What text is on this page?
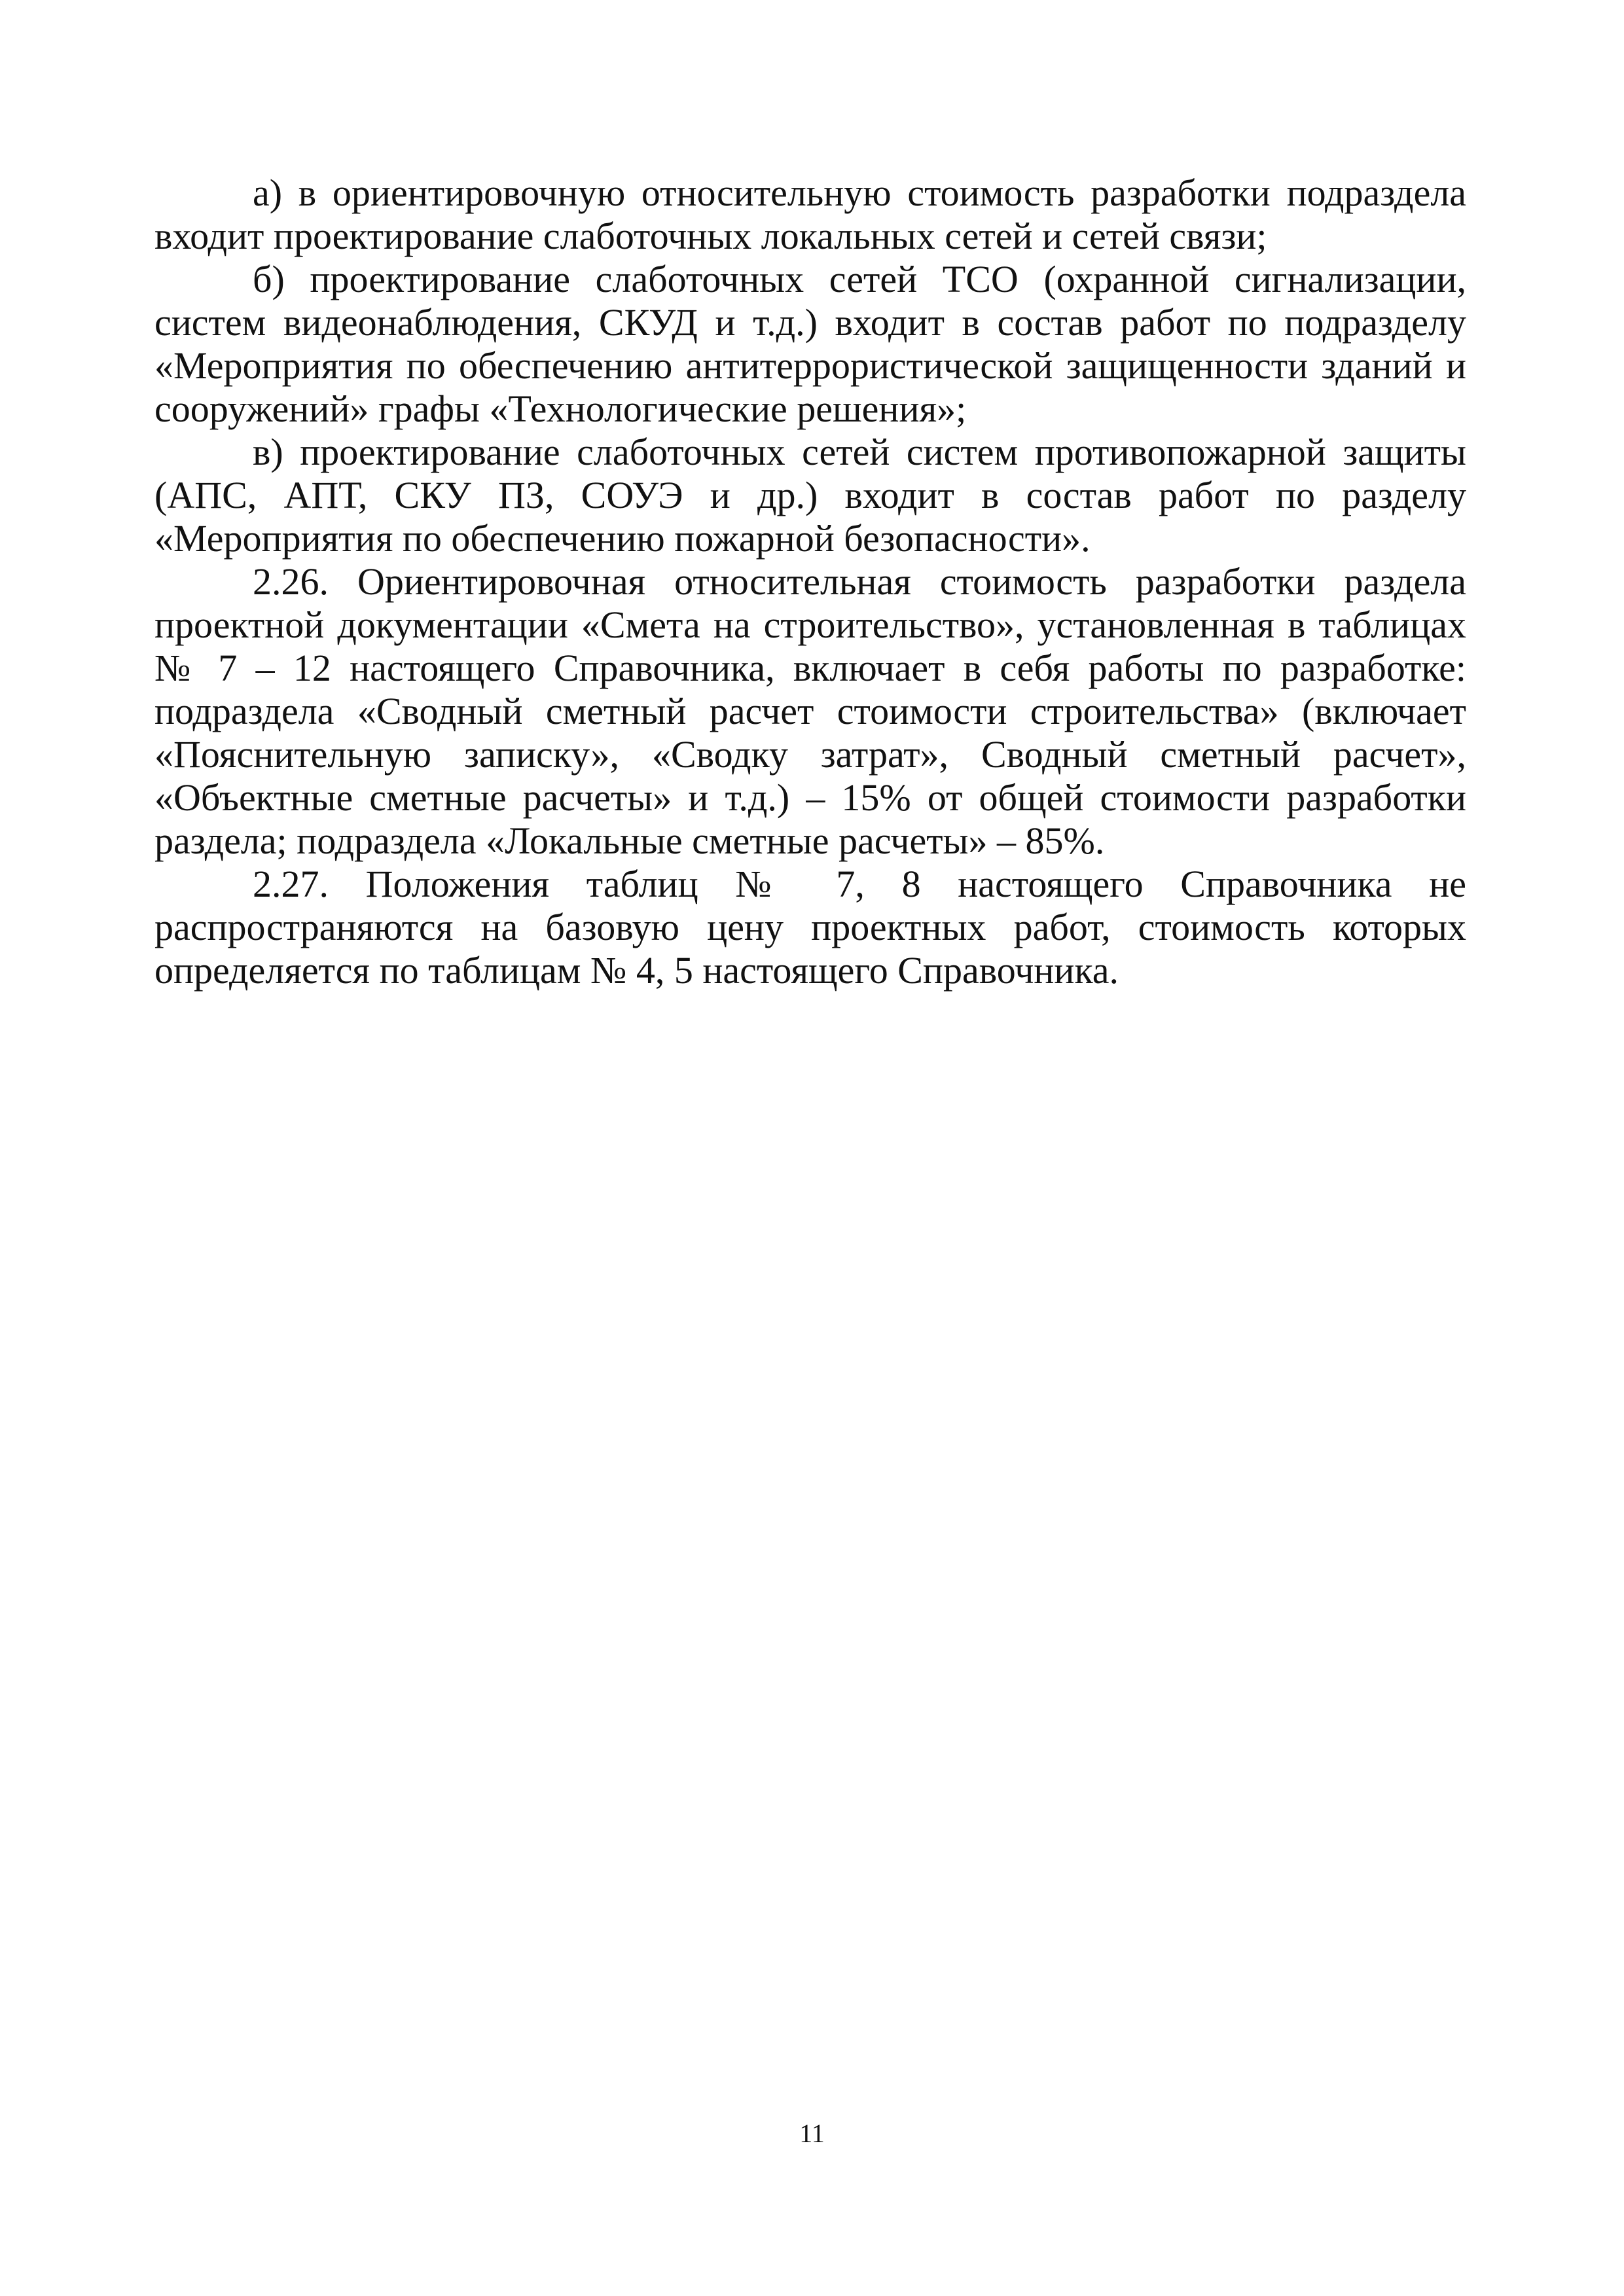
а) в ориентировочную относительную стоимость разработки подраздела входит проектирование слаботочных локальных сетей и сетей связи;

б) проектирование слаботочных сетей ТСО (охранной сигнализации, систем видеонаблюдения, СКУД и т.д.) входит в состав работ по подразделу «Мероприятия по обеспечению антитеррористической защищенности зданий и сооружений» графы «Технологические решения»;

в) проектирование слаботочных сетей систем противопожарной защиты (АПС, АПТ, СКУ ПЗ, СОУЭ и др.) входит в состав работ по разделу «Мероприятия по обеспечению пожарной безопасности».

2.26. Ориентировочная относительная стоимость разработки раздела проектной документации «Смета на строительство», установленная в таблицах № 7 – 12 настоящего Справочника, включает в себя работы по разработке: подраздела «Сводный сметный расчет стоимости строительства» (включает «Пояснительную записку», «Сводку затрат», Сводный сметный расчет», «Объектные сметные расчеты» и т.д.) – 15% от общей стоимости разработки раздела; подраздела «Локальные сметные расчеты» – 85%.

2.27. Положения таблиц № 7, 8 настоящего Справочника не распространяются на базовую цену проектных работ, стоимость которых определяется по таблицам № 4, 5 настоящего Справочника.

11
